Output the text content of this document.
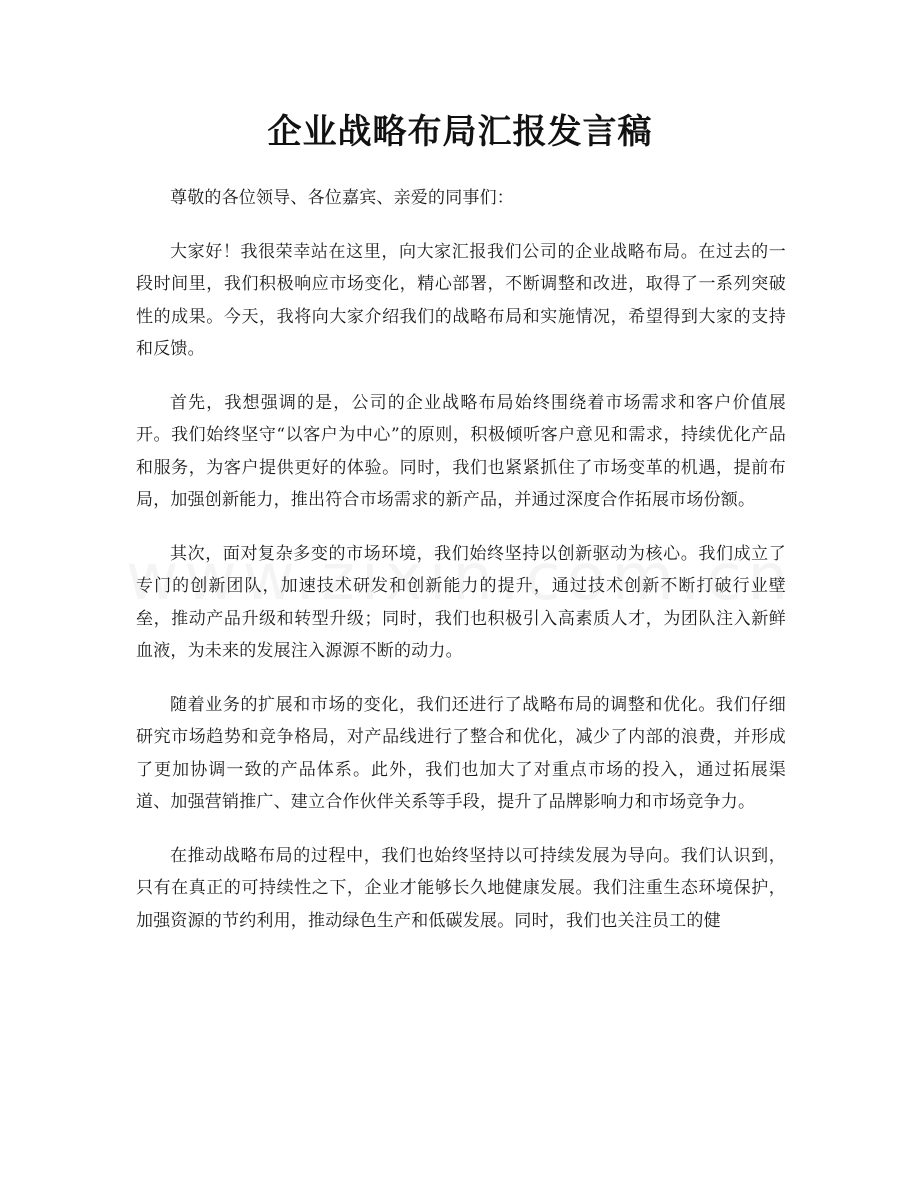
企业战略布局汇报发言稿

尊敬的各位领导、各位嘉宾、亲爱的同事们：

大家好！我很荣幸站在这里，向大家汇报我们公司的企业战略布局。在过去的一段时间里，我们积极响应市场变化，精心部署，不断调整和改进，取得了一系列突破性的成果。今天，我将向大家介绍我们的战略布局和实施情况，希望得到大家的支持和反馈。

首先，我想强调的是，公司的企业战略布局始终围绕着市场需求和客户价值展开。我们始终坚守“以客户为中心”的原则，积极倾听客户意见和需求，持续优化产品和服务，为客户提供更好的体验。同时，我们也紧紧抓住了市场变革的机遇，提前布局，加强创新能力，推出符合市场需求的新产品，并通过深度合作拓展市场份额。

其次，面对复杂多变的市场环境，我们始终坚持以创新驱动为核心。我们成立了专门的创新团队，加速技术研发和创新能力的提升，通过技术创新不断打破行业壁垒，推动产品升级和转型升级；同时，我们也积极引入高素质人才，为团队注入新鲜血液，为未来的发展注入源源不断的动力。

随着业务的扩展和市场的变化，我们还进行了战略布局的调整和优化。我们仔细研究市场趋势和竞争格局，对产品线进行了整合和优化，减少了内部的浪费，并形成了更加协调一致的产品体系。此外，我们也加大了对重点市场的投入，通过拓展渠道、加强营销推广、建立合作伙伴关系等手段，提升了品牌影响力和市场竞争力。

在推动战略布局的过程中，我们也始终坚持以可持续发展为导向。我们认识到，只有在真正的可持续性之下，企业才能够长久地健康发展。我们注重生态环境保护，加强资源的节约利用，推动绿色生产和低碳发展。同时，我们也关注员工的健
